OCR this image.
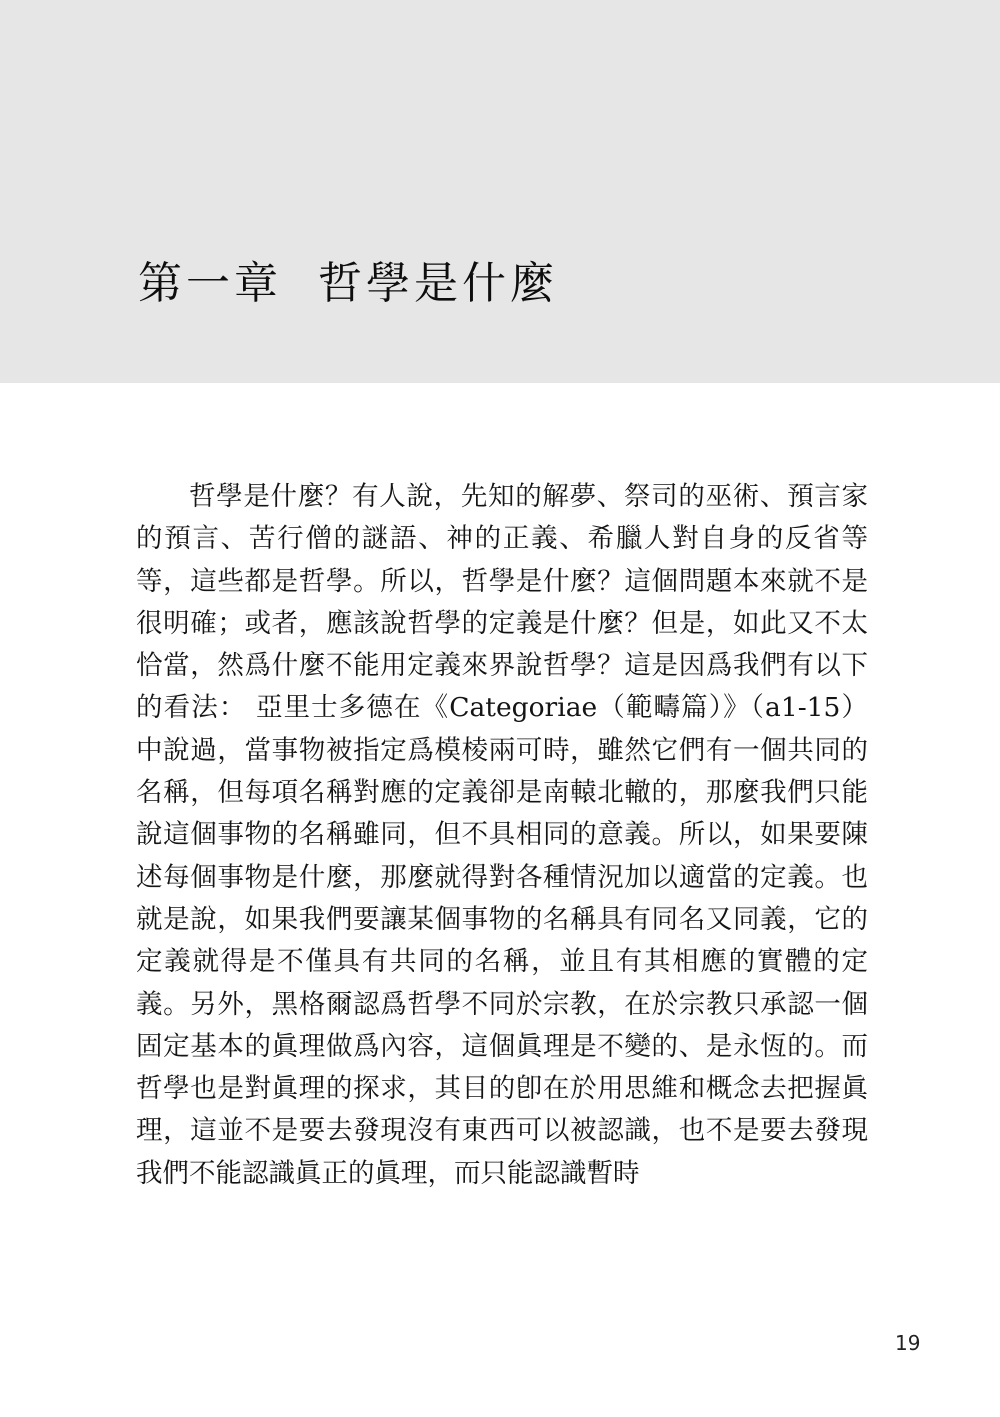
第一章  哲學是什麼

哲學是什麼？有人說，先知的解夢、祭司的巫術、預言家的預言、苦行僧的謎語、神的正義、希臘人對自身的反省等等，這些都是哲學。所以，哲學是什麼？這個問題本來就不是很明確；或者，應該說哲學的定義是什麼？但是，如此又不太恰當，然爲什麼不能用定義來界說哲學？這是因爲我們有以下的看法： 亞里士多德在《Categoriae（範疇篇）》（a1-15）中說過，當事物被指定爲模棱兩可時，雖然它們有一個共同的名稱，但每項名稱對應的定義卻是南轅北轍的，那麼我們只能說這個事物的名稱雖同，但不具相同的意義。所以，如果要陳述每個事物是什麼，那麼就得對各種情況加以適當的定義。也就是說，如果我們要讓某個事物的名稱具有同名又同義，它的定義就得是不僅具有共同的名稱，並且有其相應的實體的定義。另外，黑格爾認爲哲學不同於宗教，在於宗教只承認一個固定基本的眞理做爲內容，這個眞理是不變的、是永恆的。而哲學也是對眞理的探求，其目的卽在於用思維和概念去把握眞理，這並不是要去發現沒有東西可以被認識，也不是要去發現我們不能認識眞正的眞理，而只能認識暫時

19
